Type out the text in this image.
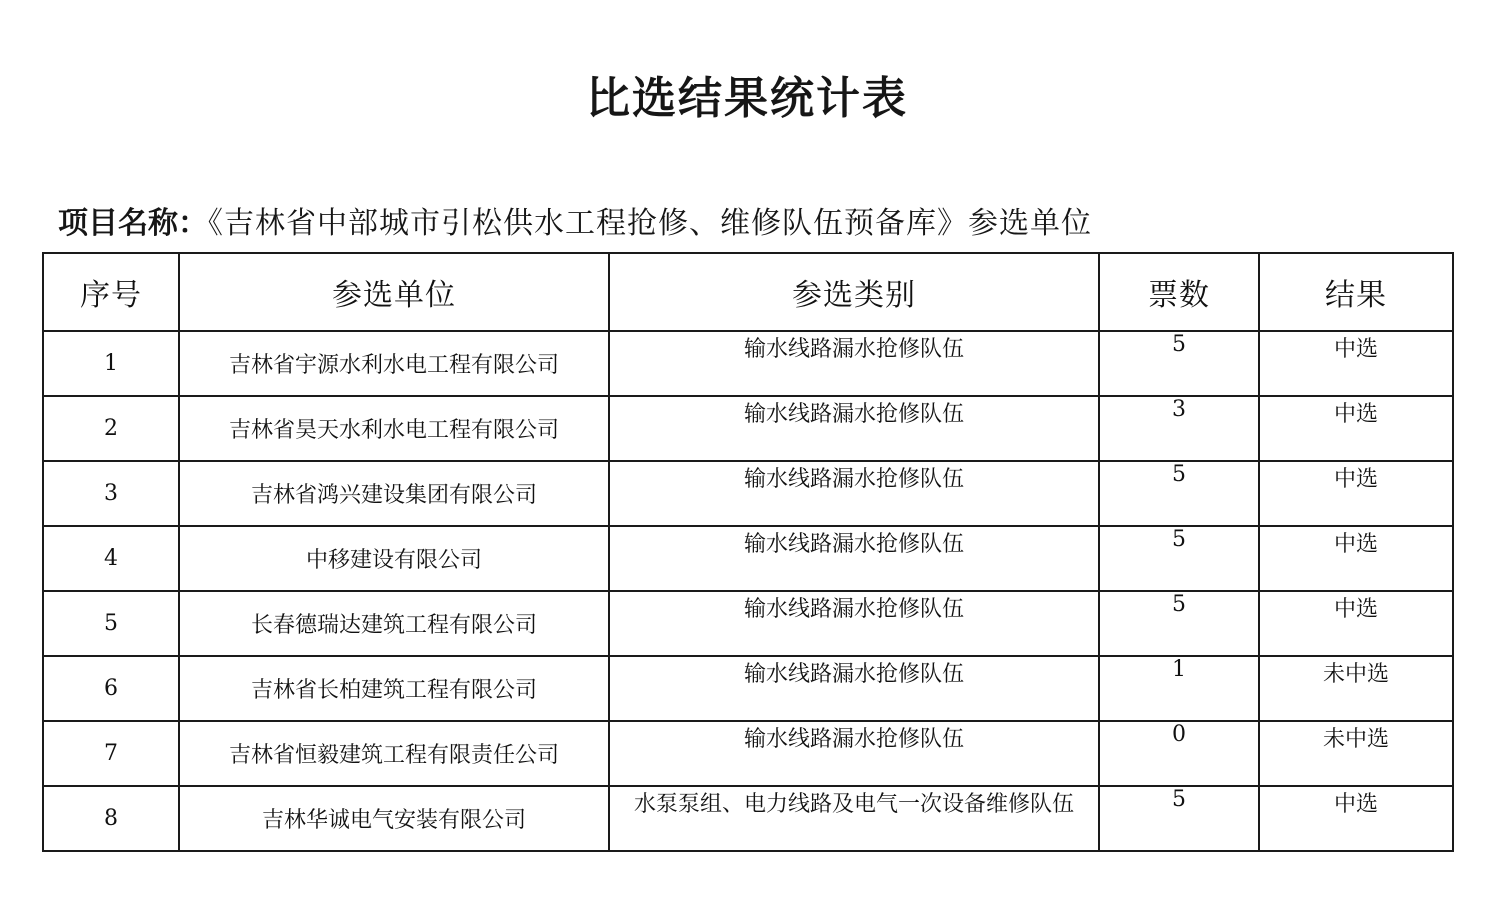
比选结果统计表
项目名称：《吉林省中部城市引松供水工程抢修、维修队伍预备库》参选单位
序号	参选单位	参选类别	票数	结果
1	吉林省宇源水利水电工程有限公司	输水线路漏水抢修队伍	5	中选
2	吉林省昊天水利水电工程有限公司	输水线路漏水抢修队伍	3	中选
3	吉林省鸿兴建设集团有限公司	输水线路漏水抢修队伍	5	中选
4	中移建设有限公司	输水线路漏水抢修队伍	5	中选
5	长春德瑞达建筑工程有限公司	输水线路漏水抢修队伍	5	中选
6	吉林省长柏建筑工程有限公司	输水线路漏水抢修队伍	1	未中选
7	吉林省恒毅建筑工程有限责任公司	输水线路漏水抢修队伍	0	未中选
8	吉林华诚电气安装有限公司	水泵泵组、电力线路及电气一次设备维修队伍	5	中选
